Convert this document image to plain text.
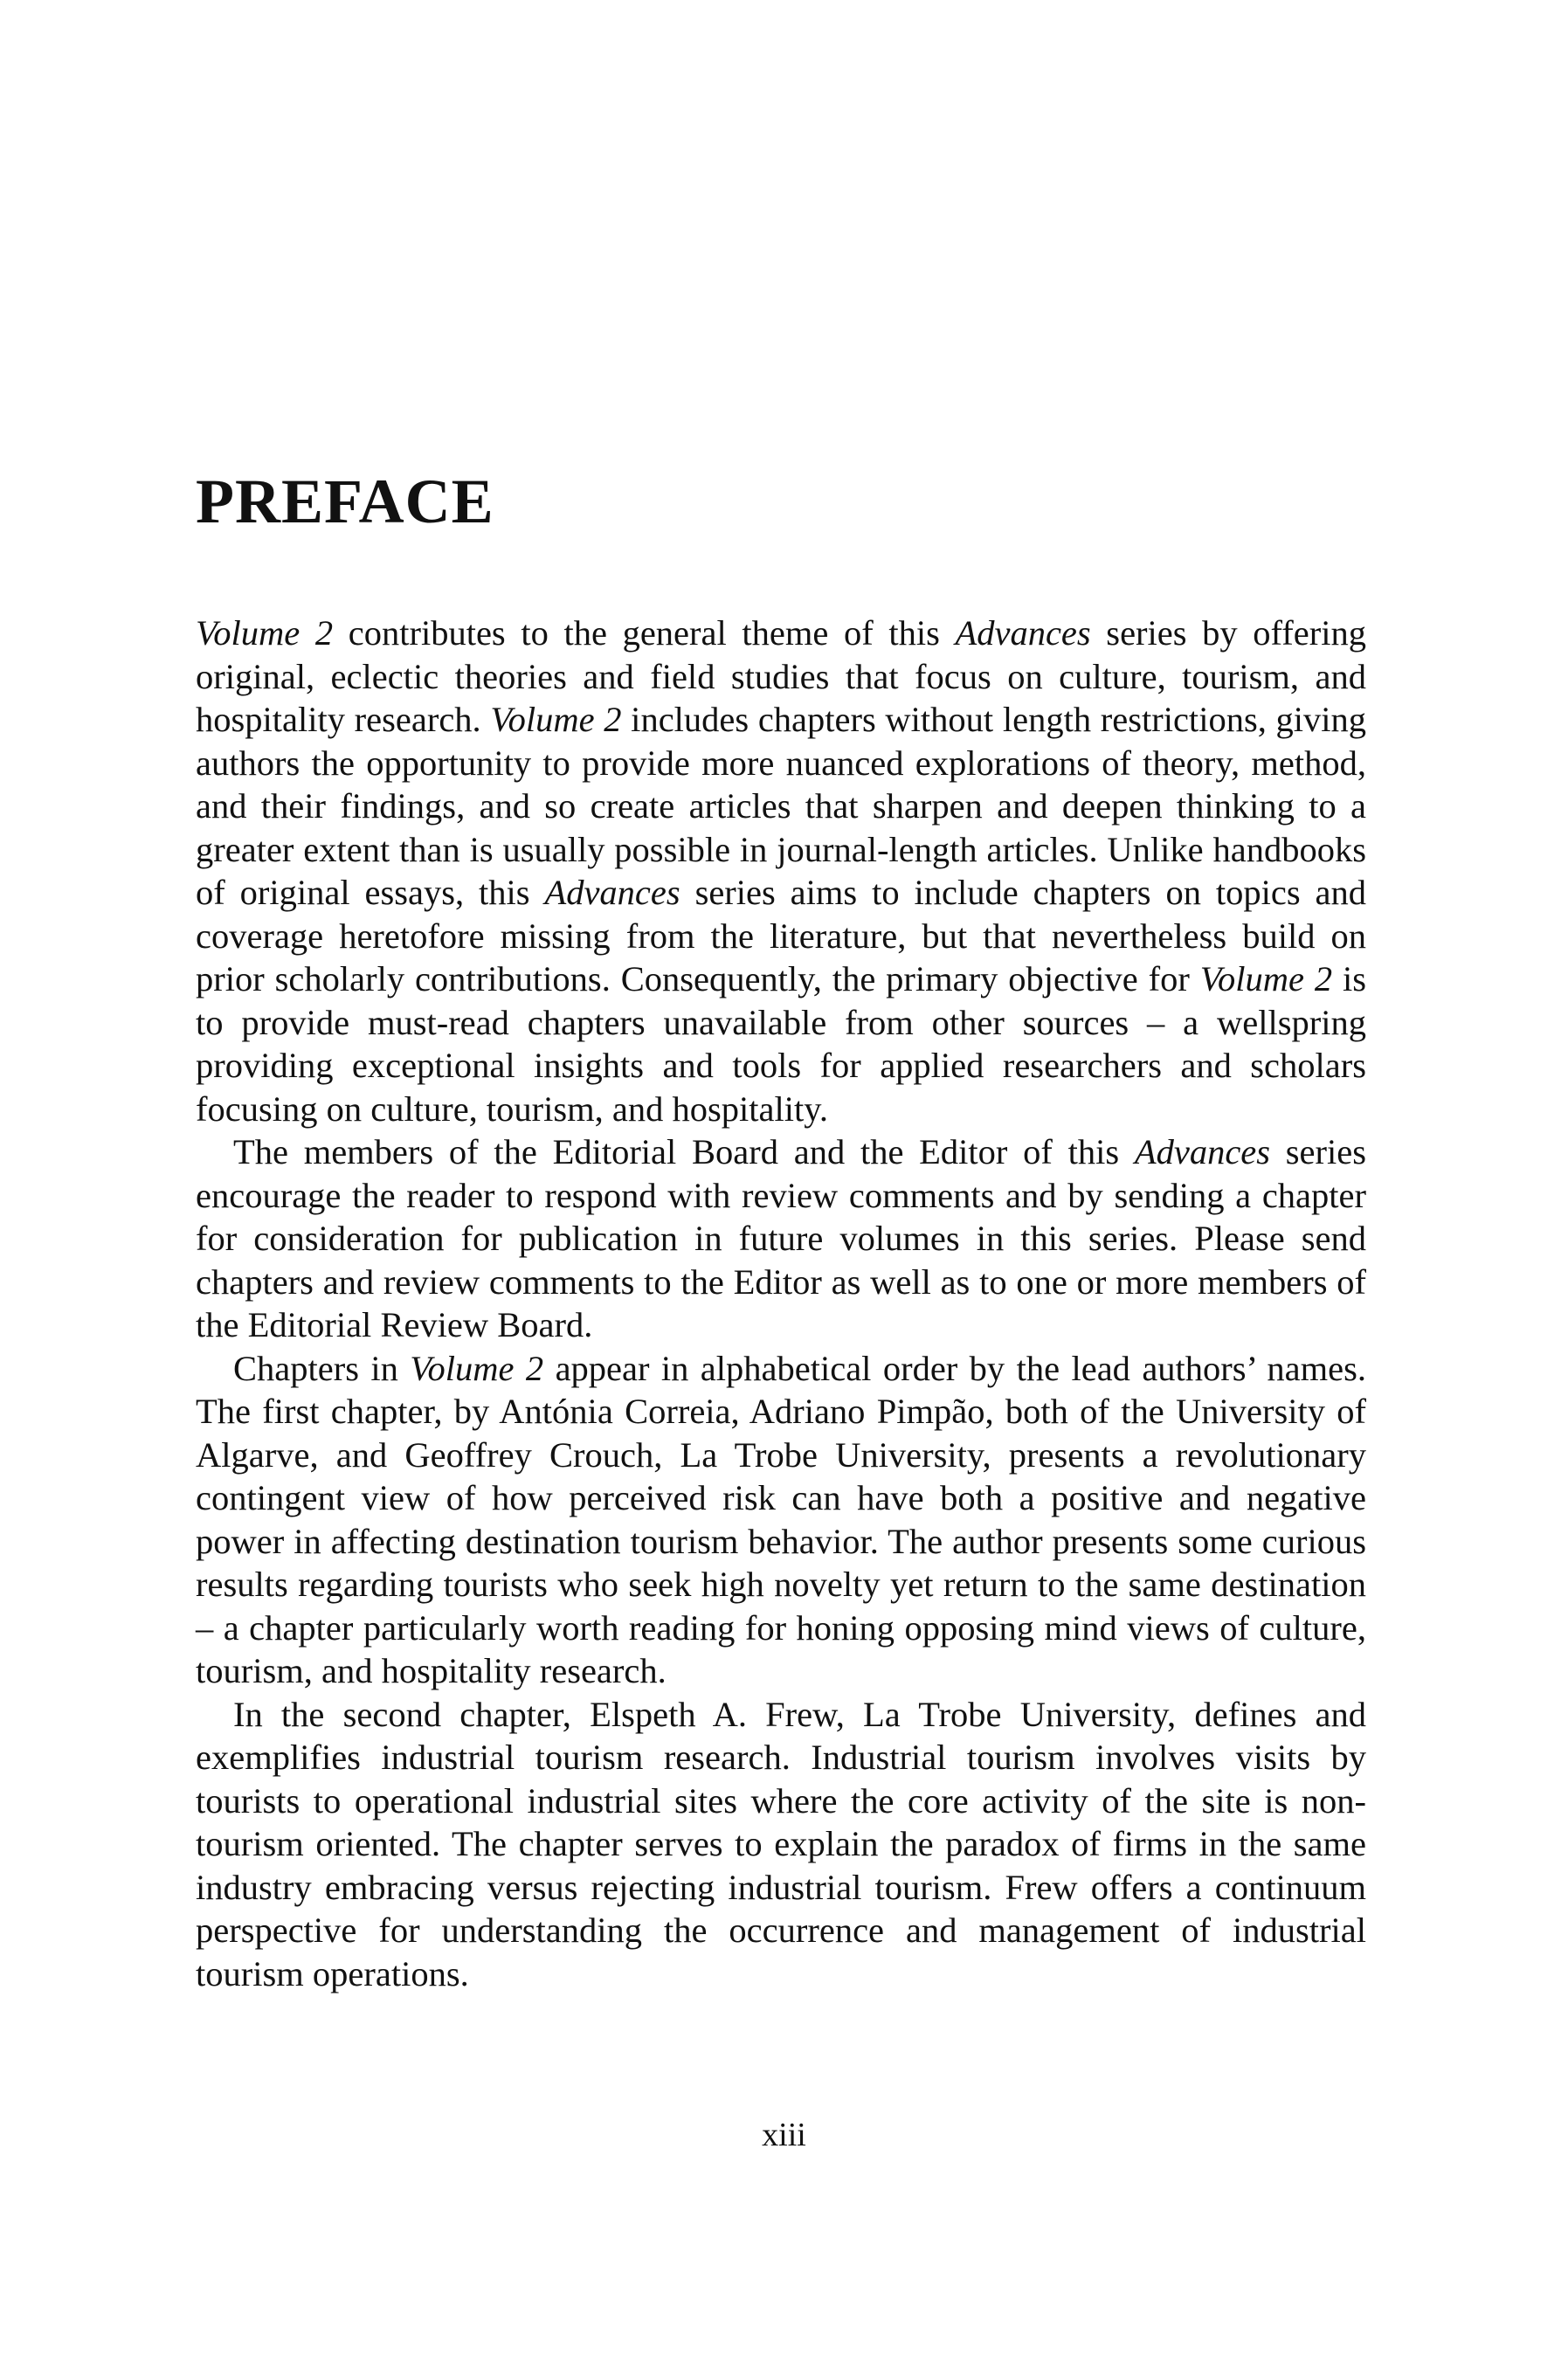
PREFACE

Volume 2 contributes to the general theme of this Advances series by offering original, eclectic theories and field studies that focus on culture, tourism, and hospitality research. Volume 2 includes chapters without length restrictions, giving authors the opportunity to provide more nuanced explorations of theory, method, and their findings, and so create articles that sharpen and deepen thinking to a greater extent than is usually possible in journal-length articles. Unlike handbooks of original essays, this Advances series aims to include chapters on topics and coverage heretofore missing from the literature, but that nevertheless build on prior scholarly contributions. Consequently, the primary objective for Volume 2 is to provide must-read chapters unavailable from other sources – a wellspring providing exceptional insights and tools for applied researchers and scholars focusing on culture, tourism, and hospitality.

The members of the Editorial Board and the Editor of this Advances series encourage the reader to respond with review comments and by sending a chapter for consideration for publication in future volumes in this series. Please send chapters and review comments to the Editor as well as to one or more members of the Editorial Review Board.

Chapters in Volume 2 appear in alphabetical order by the lead authors’ names. The first chapter, by Antónia Correia, Adriano Pimpão, both of the University of Algarve, and Geoffrey Crouch, La Trobe University, presents a revolutionary contingent view of how perceived risk can have both a positive and negative power in affecting destination tourism behavior. The author presents some curious results regarding tourists who seek high novelty yet return to the same destination – a chapter particularly worth reading for honing opposing mind views of culture, tourism, and hospitality research.

In the second chapter, Elspeth A. Frew, La Trobe University, defines and exemplifies industrial tourism research. Industrial tourism involves visits by tourists to operational industrial sites where the core activity of the site is non-tourism oriented. The chapter serves to explain the paradox of firms in the same industry embracing versus rejecting industrial tourism. Frew offers a continuum perspective for understanding the occurrence and management of industrial tourism operations.

xiii
